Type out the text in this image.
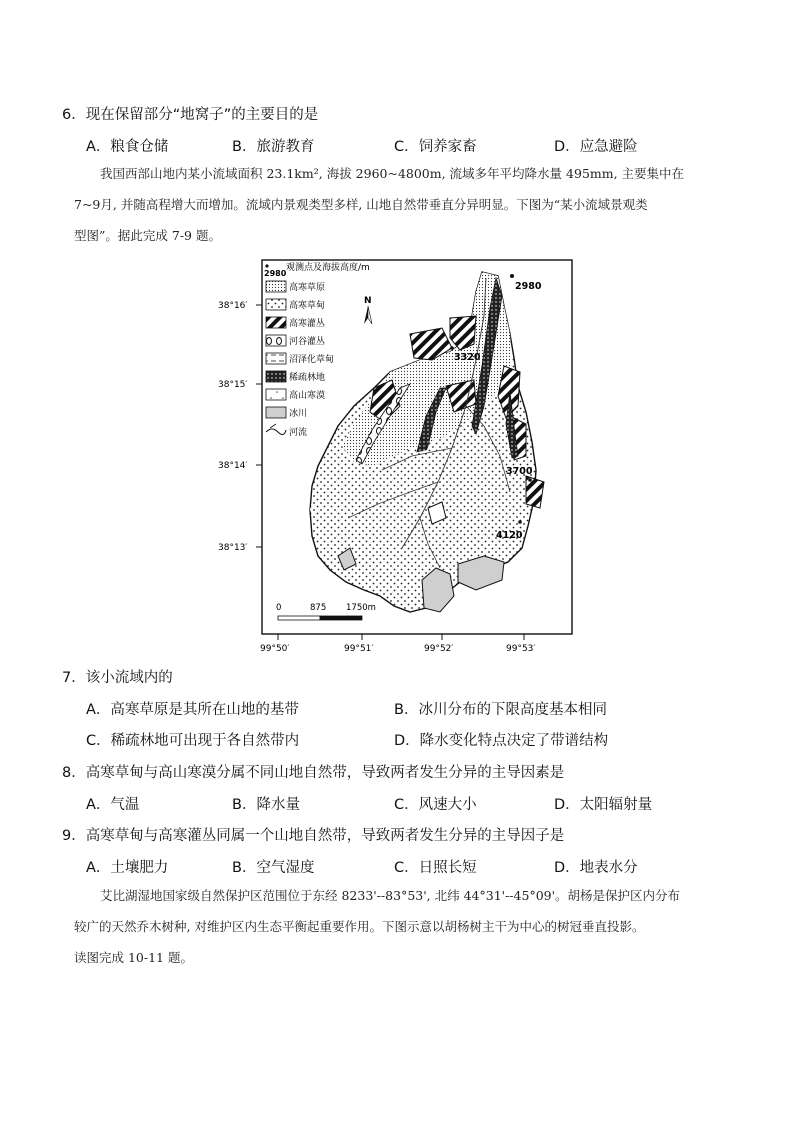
6．现在保留部分“地窝子”的主要目的是
A．粮食仓储	B．旅游教育	C．饲养家畜	D．应急避险
我国西部山地内某小流域面积 23.1km², 海拔 2960~4800m, 流域多年平均降水量 495mm, 主要集中在
7~9月, 并随高程增大而增加。流域内景观类型多样, 山地自然带垂直分异明显。下图为“某小流域景观类
型图”。据此完成 7-9 题。
2980
3320
3700
4120
N
2980
观测点及海拔高度/m
高寒草原
高寒草甸
高寒灌丛
河谷灌丛
沼泽化草甸
稀疏林地
高山寒漠
冰川
河流
38°16′
38°15′
38°14′
38°13′
99°50′	99°51′	99°52′	99°53′
0	875 1750m
7．该小流域内的
A．高寒草原是其所在山地的基带	B．冰川分布的下限高度基本相同
C．稀疏林地可出现于各自然带内	D．降水变化特点决定了带谱结构
8．高寒草甸与高山寒漠分属不同山地自然带，导致两者发生分异的主导因素是
A．气温	B．降水量	C．风速大小	D．太阳辐射量
9．高寒草甸与高寒灌丛同属一个山地自然带，导致两者发生分异的主导因子是
A．土壤肥力	B．空气湿度	C．日照长短	D．地表水分
艾比湖湿地国家级自然保护区范围位于东经 8233'--83°53', 北纬 44°31'--45°09'。胡杨是保护区内分布
较广的天然乔木树种, 对维护区内生态平衡起重要作用。下图示意以胡杨树主干为中心的树冠垂直投影。
读图完成 10-11 题。
